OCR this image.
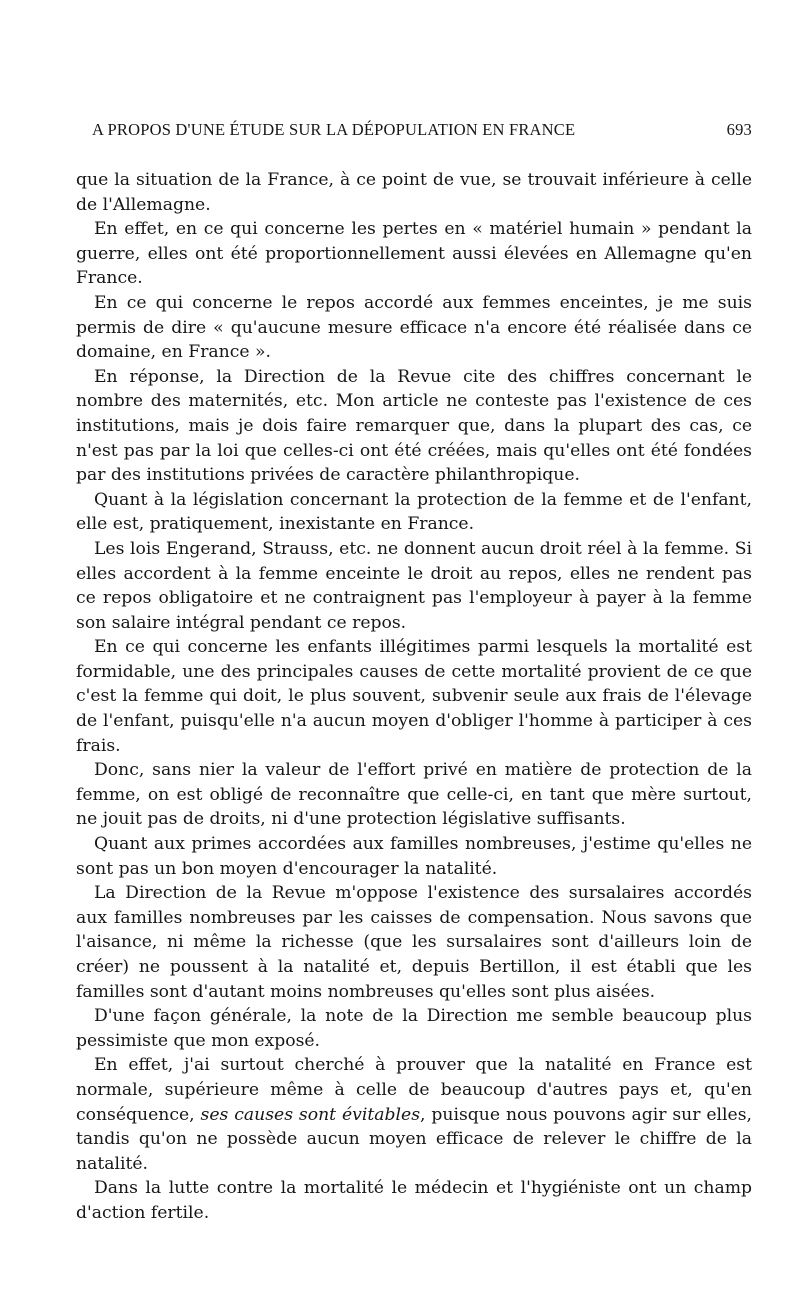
A PROPOS D'UNE ÉTUDE SUR LA DÉPOPULATION EN FRANCE	693

que la situation de la France, à ce point de vue, se trouvait inférieure à celle de l'Allemagne.

En effet, en ce qui concerne les pertes en « matériel humain » pendant la guerre, elles ont été proportionnellement aussi élevées en Allemagne qu'en France.

En ce qui concerne le repos accordé aux femmes enceintes, je me suis permis de dire « qu'aucune mesure efficace n'a encore été réalisée dans ce domaine, en France ».

En réponse, la Direction de la Revue cite des chiffres concernant le nombre des maternités, etc. Mon article ne conteste pas l'existence de ces institutions, mais je dois faire remarquer que, dans la plupart des cas, ce n'est pas par la loi que celles-ci ont été créées, mais qu'elles ont été fondées par des institutions privées de caractère philanthropique.

Quant à la législation concernant la protection de la femme et de l'enfant, elle est, pratiquement, inexistante en France.

Les lois Engerand, Strauss, etc. ne donnent aucun droit réel à la femme. Si elles accordent à la femme enceinte le droit au repos, elles ne rendent pas ce repos obligatoire et ne contraignent pas l'employeur à payer à la femme son salaire intégral pendant ce repos.

En ce qui concerne les enfants illégitimes parmi lesquels la mortalité est formidable, une des principales causes de cette mortalité provient de ce que c'est la femme qui doit, le plus souvent, subvenir seule aux frais de l'élevage de l'enfant, puisqu'elle n'a aucun moyen d'obliger l'homme à participer à ces frais.

Donc, sans nier la valeur de l'effort privé en matière de protection de la femme, on est obligé de reconnaître que celle-ci, en tant que mère surtout, ne jouit pas de droits, ni d'une protection législative suffisants.

Quant aux primes accordées aux familles nombreuses, j'estime qu'elles ne sont pas un bon moyen d'encourager la natalité.

La Direction de la Revue m'oppose l'existence des sursalaires accordés aux familles nombreuses par les caisses de compensation. Nous savons que l'aisance, ni même la richesse (que les sursalaires sont d'ailleurs loin de créer) ne poussent à la natalité et, depuis Bertillon, il est établi que les familles sont d'autant moins nombreuses qu'elles sont plus aisées.

D'une façon générale, la note de la Direction me semble beaucoup plus pessimiste que mon exposé.

En effet, j'ai surtout cherché à prouver que la natalité en France est normale, supérieure même à celle de beaucoup d'autres pays et, qu'en conséquence, ses causes sont évitables, puisque nous pouvons agir sur elles, tandis qu'on ne possède aucun moyen efficace de relever le chiffre de la natalité.

Dans la lutte contre la mortalité le médecin et l'hygiéniste ont un champ d'action fertile.
